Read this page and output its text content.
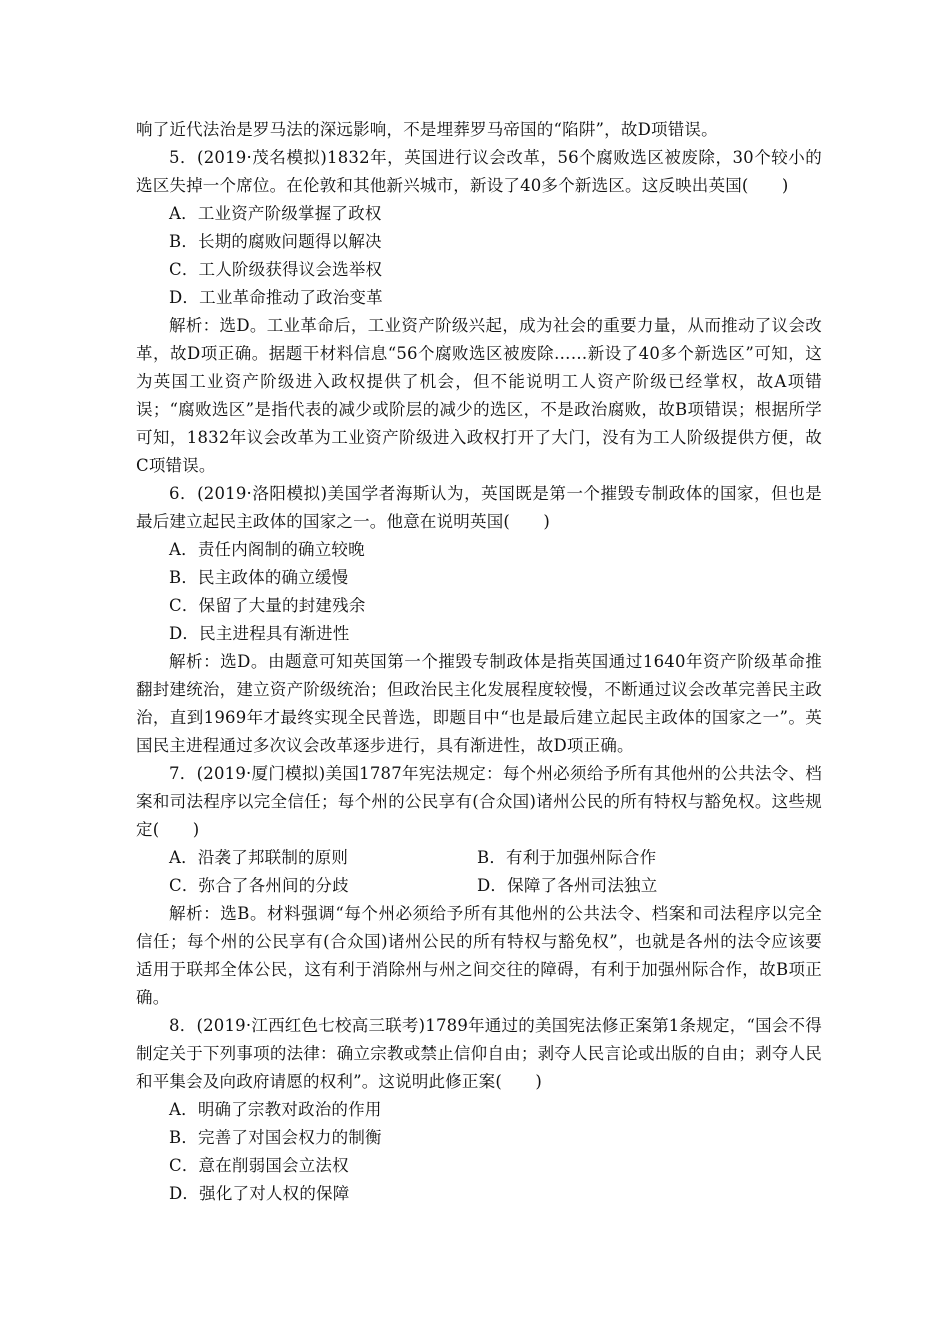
响了近代法治是罗马法的深远影响，不是埋葬罗马帝国的“陷阱”，故D项错误。

5．(2019·茂名模拟)1832年，英国进行议会改革，56个腐败选区被废除，30个较小的选区失掉一个席位。在伦敦和其他新兴城市，新设了40多个新选区。这反映出英国(　　)

A．工业资产阶级掌握了政权

B．长期的腐败问题得以解决

C．工人阶级获得议会选举权

D．工业革命推动了政治变革

解析：选D。工业革命后，工业资产阶级兴起，成为社会的重要力量，从而推动了议会改革，故D项正确。据题干材料信息“56个腐败选区被废除……新设了40多个新选区”可知，这为英国工业资产阶级进入政权提供了机会，但不能说明工人资产阶级已经掌权，故A项错误；“腐败选区”是指代表的减少或阶层的减少的选区，不是政治腐败，故B项错误；根据所学可知，1832年议会改革为工业资产阶级进入政权打开了大门，没有为工人阶级提供方便，故C项错误。

6．(2019·洛阳模拟)美国学者海斯认为，英国既是第一个摧毁专制政体的国家，但也是最后建立起民主政体的国家之一。他意在说明英国(　　)

A．责任内阁制的确立较晚

B．民主政体的确立缓慢

C．保留了大量的封建残余

D．民主进程具有渐进性

解析：选D。由题意可知英国第一个摧毁专制政体是指英国通过1640年资产阶级革命推翻封建统治，建立资产阶级统治；但政治民主化发展程度较慢，不断通过议会改革完善民主政治，直到1969年才最终实现全民普选，即题目中“也是最后建立起民主政体的国家之一”。英国民主进程通过多次议会改革逐步进行，具有渐进性，故D项正确。

7．(2019·厦门模拟)美国1787年宪法规定：每个州必须给予所有其他州的公共法令、档案和司法程序以完全信任；每个州的公民享有(合众国)诸州公民的所有特权与豁免权。这些规定(　　)

A．沿袭了邦联制的原则	B．有利于加强州际合作
C．弥合了各州间的分歧	D．保障了各州司法独立

解析：选B。材料强调“每个州必须给予所有其他州的公共法令、档案和司法程序以完全信任；每个州的公民享有(合众国)诸州公民的所有特权与豁免权”，也就是各州的法令应该要适用于联邦全体公民，这有利于消除州与州之间交往的障碍，有利于加强州际合作，故B项正确。

8．(2019·江西红色七校高三联考)1789年通过的美国宪法修正案第1条规定，“国会不得制定关于下列事项的法律：确立宗教或禁止信仰自由；剥夺人民言论或出版的自由；剥夺人民和平集会及向政府请愿的权利”。这说明此修正案(　　)

A．明确了宗教对政治的作用

B．完善了对国会权力的制衡

C．意在削弱国会立法权

D．强化了对人权的保障
